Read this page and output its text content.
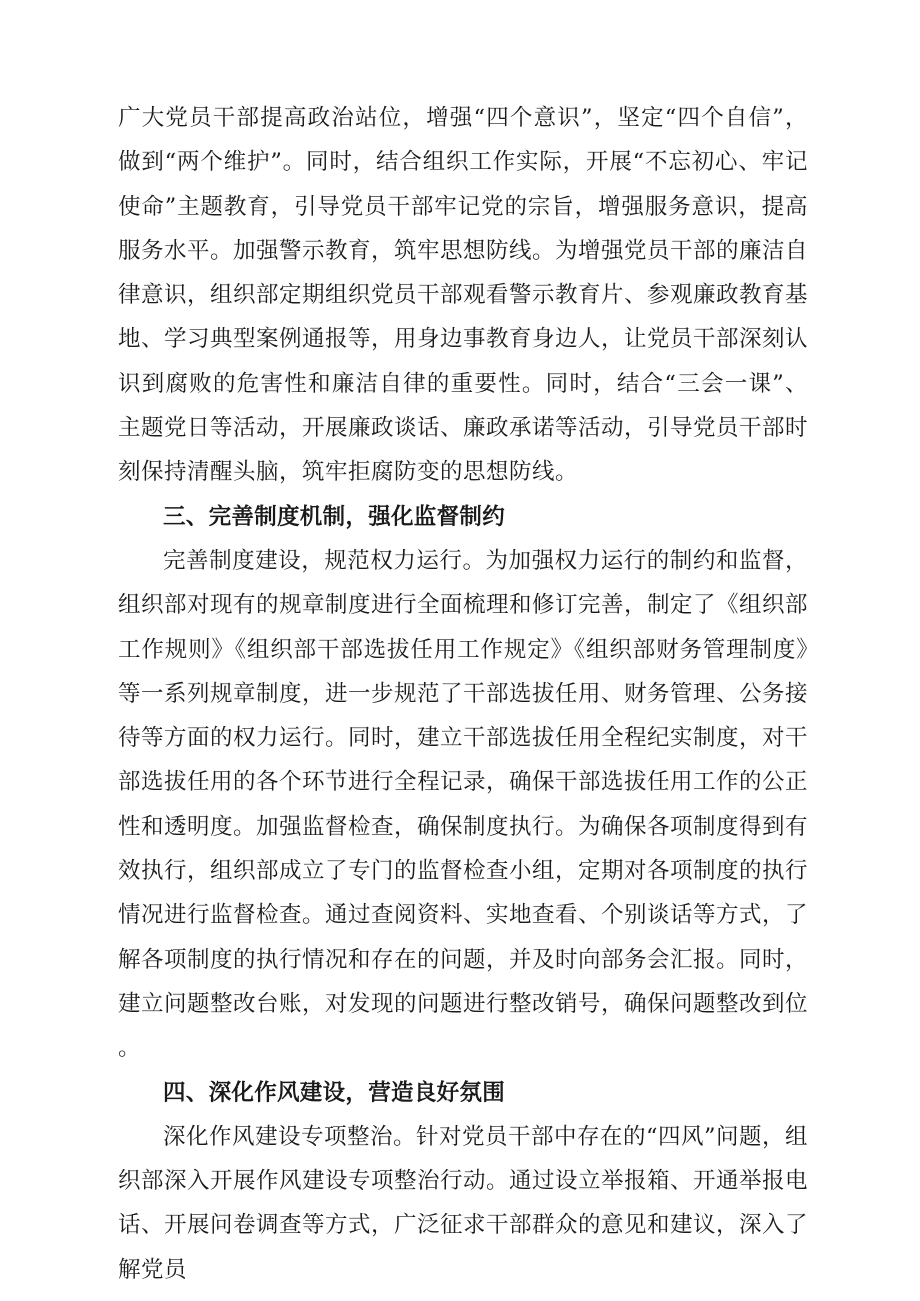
广大党员干部提高政治站位，增强“四个意识”，坚定“四个自信”，做到“两个维护”。同时，结合组织工作实际，开展“不忘初心、牢记使命”主题教育，引导党员干部牢记党的宗旨，增强服务意识，提高服务水平。加强警示教育，筑牢思想防线。为增强党员干部的廉洁自律意识，组织部定期组织党员干部观看警示教育片、参观廉政教育基地、学习典型案例通报等，用身边事教育身边人，让党员干部深刻认识到腐败的危害性和廉洁自律的重要性。同时，结合“三会一课”、主题党日等活动，开展廉政谈话、廉政承诺等活动，引导党员干部时刻保持清醒头脑，筑牢拒腐防变的思想防线。

三、完善制度机制，强化监督制约

完善制度建设，规范权力运行。为加强权力运行的制约和监督，组织部对现有的规章制度进行全面梳理和修订完善，制定了《组织部工作规则》《组织部干部选拔任用工作规定》《组织部财务管理制度》等一系列规章制度，进一步规范了干部选拔任用、财务管理、公务接待等方面的权力运行。同时，建立干部选拔任用全程纪实制度，对干部选拔任用的各个环节进行全程记录，确保干部选拔任用工作的公正性和透明度。加强监督检查，确保制度执行。为确保各项制度得到有效执行，组织部成立了专门的监督检查小组，定期对各项制度的执行情况进行监督检查。通过查阅资料、实地查看、个别谈话等方式，了解各项制度的执行情况和存在的问题，并及时向部务会汇报。同时，建立问题整改台账，对发现的问题进行整改销号，确保问题整改到位。

四、深化作风建设，营造良好氛围

深化作风建设专项整治。针对党员干部中存在的“四风”问题，组织部深入开展作风建设专项整治行动。通过设立举报箱、开通举报电话、开展问卷调查等方式，广泛征求干部群众的意见和建议，深入了解党员
